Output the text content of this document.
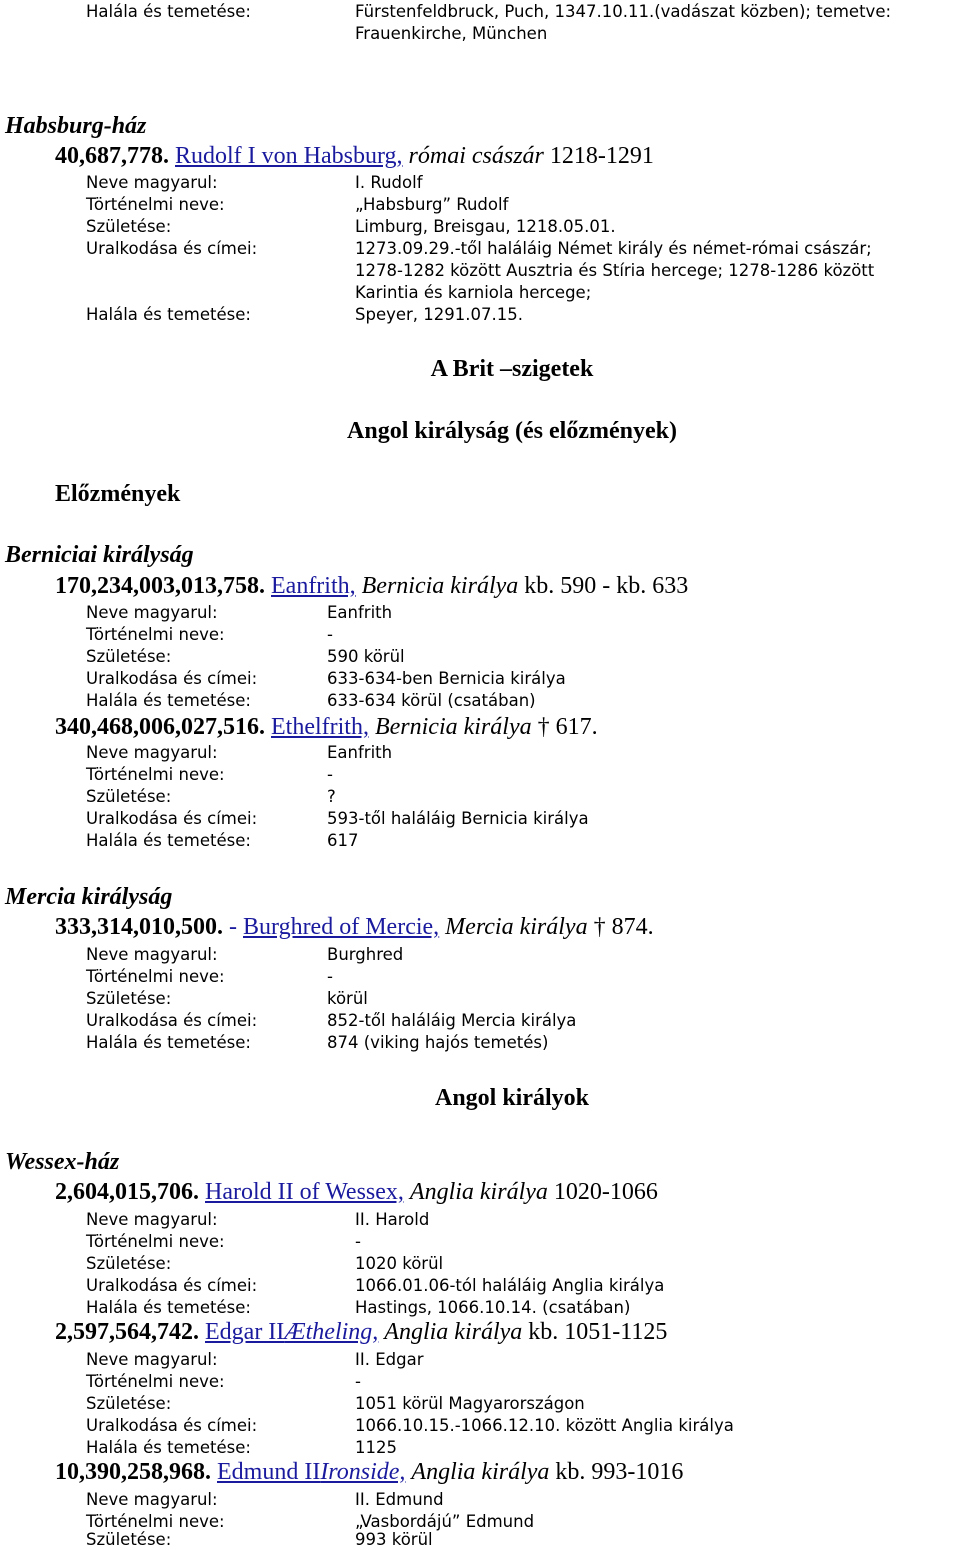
Halála és temetése:	Fürstenfeldbruck, Puch, 1347.10.11.(vadászat közben); temetve:
Frauenkirche, München
Habsburg-ház
40,687,778. Rudolf I von Habsburg, római császár 1218-1291
Neve magyarul:	I. Rudolf
Történelmi neve:	„Habsburg” Rudolf
Születése:	Limburg, Breisgau, 1218.05.01.
Uralkodása és címei:	1273.09.29.-től haláláig Német király és német-római császár;
1278-1282 között Ausztria és Stíria hercege; 1278-1286 között
Karintia és karniola hercege;
Halála és temetése:	Speyer, 1291.07.15.
A Brit –szigetek
Angol királyság (és előzmények)
Előzmények
Berniciai királyság
170,234,003,013,758. Eanfrith, Bernicia királya kb. 590 - kb. 633
Neve magyarul:	Eanfrith
Történelmi neve:	-
Születése:	590 körül
Uralkodása és címei:	633-634-ben Bernicia királya
Halála és temetése:	633-634 körül (csatában)
340,468,006,027,516. Ethelfrith, Bernicia királya † 617.
Neve magyarul:	Eanfrith
Történelmi neve:	-
Születése:	?
Uralkodása és címei:	593-től haláláig Bernicia királya
Halála és temetése:	617
Mercia királyság
333,314,010,500. - Burghred of Mercie, Mercia királya † 874.
Neve magyarul:	Burghred
Történelmi neve:	-
Születése:	körül
Uralkodása és címei:	852-től haláláig Mercia királya
Halála és temetése:	874 (viking hajós temetés)
Angol királyok
Wessex-ház
2,604,015,706. Harold II of Wessex, Anglia királya 1020-1066
Neve magyarul:	II. Harold
Történelmi neve:	-
Születése:	1020 körül
Uralkodása és címei:	1066.01.06-tól haláláig Anglia királya
Halála és temetése:	Hastings, 1066.10.14. (csatában)
2,597,564,742. Edgar IIÆtheling, Anglia királya kb. 1051-1125
Neve magyarul:	II. Edgar
Történelmi neve:	-
Születése:	1051 körül Magyarországon
Uralkodása és címei:	1066.10.15.-1066.12.10. között Anglia királya
Halála és temetése:	1125
10,390,258,968. Edmund IIIronside, Anglia királya kb. 993-1016
Neve magyarul:	II. Edmund
Történelmi neve:	„Vasbordájú” Edmund
Születése:	993 körül
